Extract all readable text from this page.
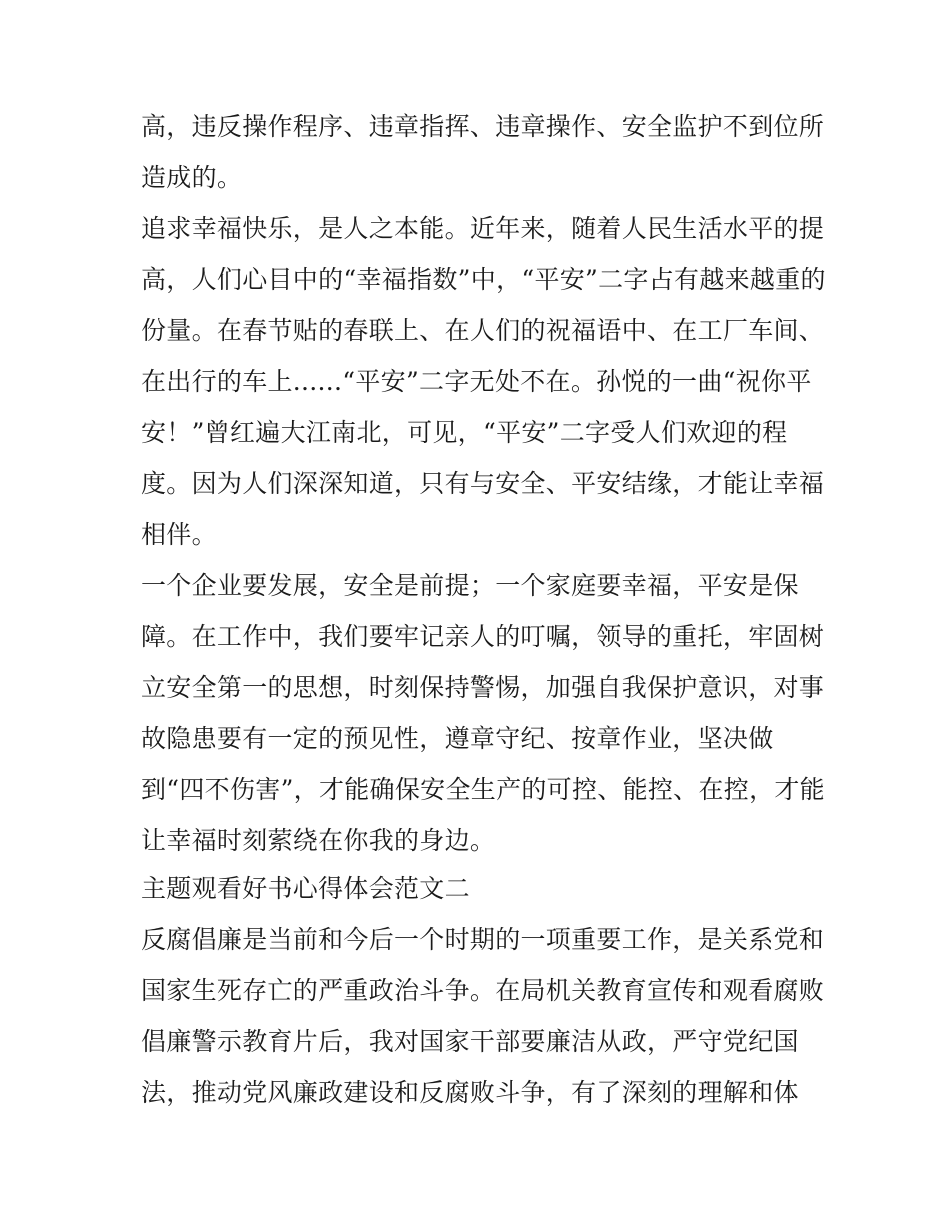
高，违反操作程序、违章指挥、违章操作、安全监护不到位所
造成的。
追求幸福快乐，是人之本能。近年来，随着人民生活水平的提
高，人们心目中的“幸福指数”中，“平安”二字占有越来越重的
份量。在春节贴的春联上、在人们的祝福语中、在工厂车间、
在出行的车上......“平安”二字无处不在。孙悦的一曲“祝你平
安！”曾红遍大江南北，可见，“平安”二字受人们欢迎的程
度。因为人们深深知道，只有与安全、平安结缘，才能让幸福
相伴。
一个企业要发展，安全是前提；一个家庭要幸福，平安是保
障。在工作中，我们要牢记亲人的叮嘱，领导的重托，牢固树
立安全第一的思想，时刻保持警惕，加强自我保护意识，对事
故隐患要有一定的预见性，遵章守纪、按章作业，坚决做
到“四不伤害”，才能确保安全生产的可控、能控、在控，才能
让幸福时刻萦绕在你我的身边。
主题观看好书心得体会范文二
反腐倡廉是当前和今后一个时期的一项重要工作，是关系党和
国家生死存亡的严重政治斗争。在局机关教育宣传和观看腐败
倡廉警示教育片后，我对国家干部要廉洁从政，严守党纪国
法，推动党风廉政建设和反腐败斗争，有了深刻的理解和体
